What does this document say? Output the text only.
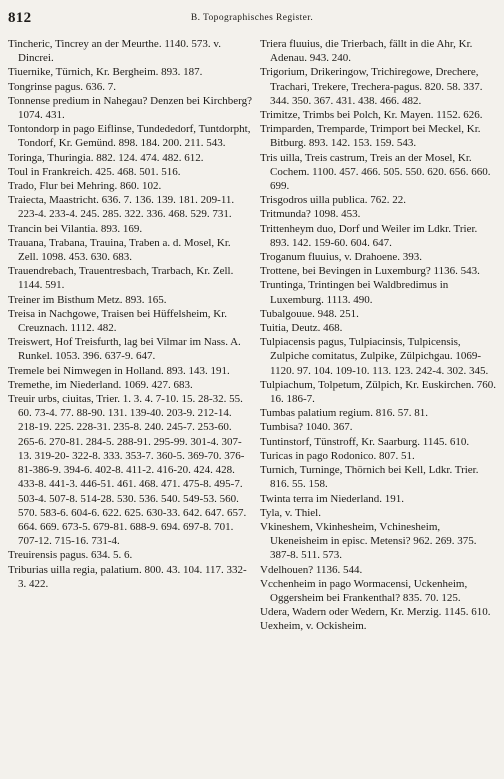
812	B. Topographisches Register.

Tincheric, Tincrey an der Meurthe. 1140. 573. v. Dincrei.

Tiuernike, Türnich, Kr. Bergheim. 893. 187.

Tongrinse pagus. 636. 7.

Tonnense predium in Nahegau? Denzen bei Kirchberg? 1074. 431.

Tontondorp in pago Eiflinse, Tundededorf, Tuntdorpht, Tondorf, Kr. Gemünd. 898. 184. 200. 211. 543.

Toringa, Thuringia. 882. 124. 474. 482. 612.

Toul in Frankreich. 425. 468. 501. 516.

Trado, Flur bei Mehring. 860. 102.

Traiecta, Maastricht. 636. 7. 136. 139. 181. 209-11. 223-4. 233-4. 245. 285. 322. 336. 468. 529. 731.

Trancin bei Vilantia. 893. 169.

Trauana, Trabana, Trauina, Traben a. d. Mosel, Kr. Zell. 1098. 453. 630. 683.

Trauendrebach, Trauentresbach, Trarbach, Kr. Zell. 1144. 591.

Treiner im Bisthum Metz. 893. 165.

Treisa in Nachgowe, Traisen bei Hüffelsheim, Kr. Creuznach. 1112. 482.

Treiswert, Hof Treisfurth, lag bei Vilmar im Nass. A. Runkel. 1053. 396. 637-9. 647.

Tremele bei Nimwegen in Holland. 893. 143. 191.

Tremethe, im Niederland. 1069. 427. 683.

Treuir urbs, ciuitas, Trier. 1. 3. 4. 7-10. 15. 28-32. 55. 60. 73-4. 77. 88-90. 131. 139-40. 203-9. 212-14. 218-19. 225. 228-31. 235-8. 240. 245-7. 253-60. 265-6. 270-81. 284-5. 288-91. 295-99. 301-4. 307-13. 319-20- 322-8. 333. 353-7. 360-5. 369-70. 376-81-386-9. 394-6. 402-8. 411-2. 416-20. 424. 428. 433-8. 441-3. 446-51. 461. 468. 471. 475-8. 495-7. 503-4. 507-8. 514-28. 530. 536. 540. 549-53. 560. 570. 583-6. 604-6. 622. 625. 630-33. 642. 647. 657. 664. 669. 673-5. 679-81. 688-9. 694. 697-8. 701. 707-12. 715-16. 731-4.

Treuirensis pagus. 634. 5. 6.

Triburias uilla regia, palatium. 800. 43. 104. 117. 332-3. 422.

Triera fluuius, die Trierbach, fällt in die Ahr, Kr. Adenau. 943. 240.

Trigorium, Drikeringow, Trichiregowe, Drechere, Trachari, Trekere, Trechera-pagus. 820. 58. 337. 344. 350. 367. 431. 438. 466. 482.

Trimitze, Trimbs bei Polch, Kr. Mayen. 1152. 626.

Trimparden, Tremparde, Trimport bei Meckel, Kr. Bitburg. 893. 142. 153. 159. 543.

Tris uilla, Treis castrum, Treis an der Mosel, Kr. Cochem. 1100. 457. 466. 505. 550. 620. 656. 660. 699.

Trisgodros uilla publica. 762. 22.

Tritmunda? 1098. 453.

Trittenheym duo, Dorf und Weiler im Ldkr. Trier. 893. 142. 159-60. 604. 647.

Troganum fluuius, v. Drahoene. 393.

Trottene, bei Bevingen in Luxemburg? 1136. 543.

Truntinga, Trintingen bei Waldbredimus in Luxemburg. 1113. 490.

Tubalgouue. 948. 251.

Tuitia, Deutz. 468.

Tulpiacensis pagus, Tulpiacinsis, Tulpicensis, Zulpiche comitatus, Zulpike, Zülpichgau. 1069-1120. 97. 104. 109-10. 113. 123. 242-4. 302. 345.

Tulpiachum, Tolpetum, Zülpich, Kr. Euskirchen. 760. 16. 186-7.

Tumbas palatium regium. 816. 57. 81.

Tumbisa? 1040. 367.

Tuntinstorf, Tünstroff, Kr. Saarburg. 1145. 610.

Turicas in pago Rodonico. 807. 51.

Turnich, Turninge, Thörnich bei Kell, Ldkr. Trier. 816. 55. 158.

Twinta terra im Niederland. 191.

Tyla, v. Thiel.

Vkineshem, Vkinhesheim, Vchinesheim, Ukeneisheim in episc. Metensi? 962. 269. 375. 387-8. 511. 573.

Vdelhouen? 1136. 544.

Vcchenheim in pago Wormacensi, Uckenheim, Oggersheim bei Frankenthal? 835. 70. 125.

Udera, Wadern oder Wedern, Kr. Merzig. 1145. 610.

Uexheim, v. Ockisheim.
